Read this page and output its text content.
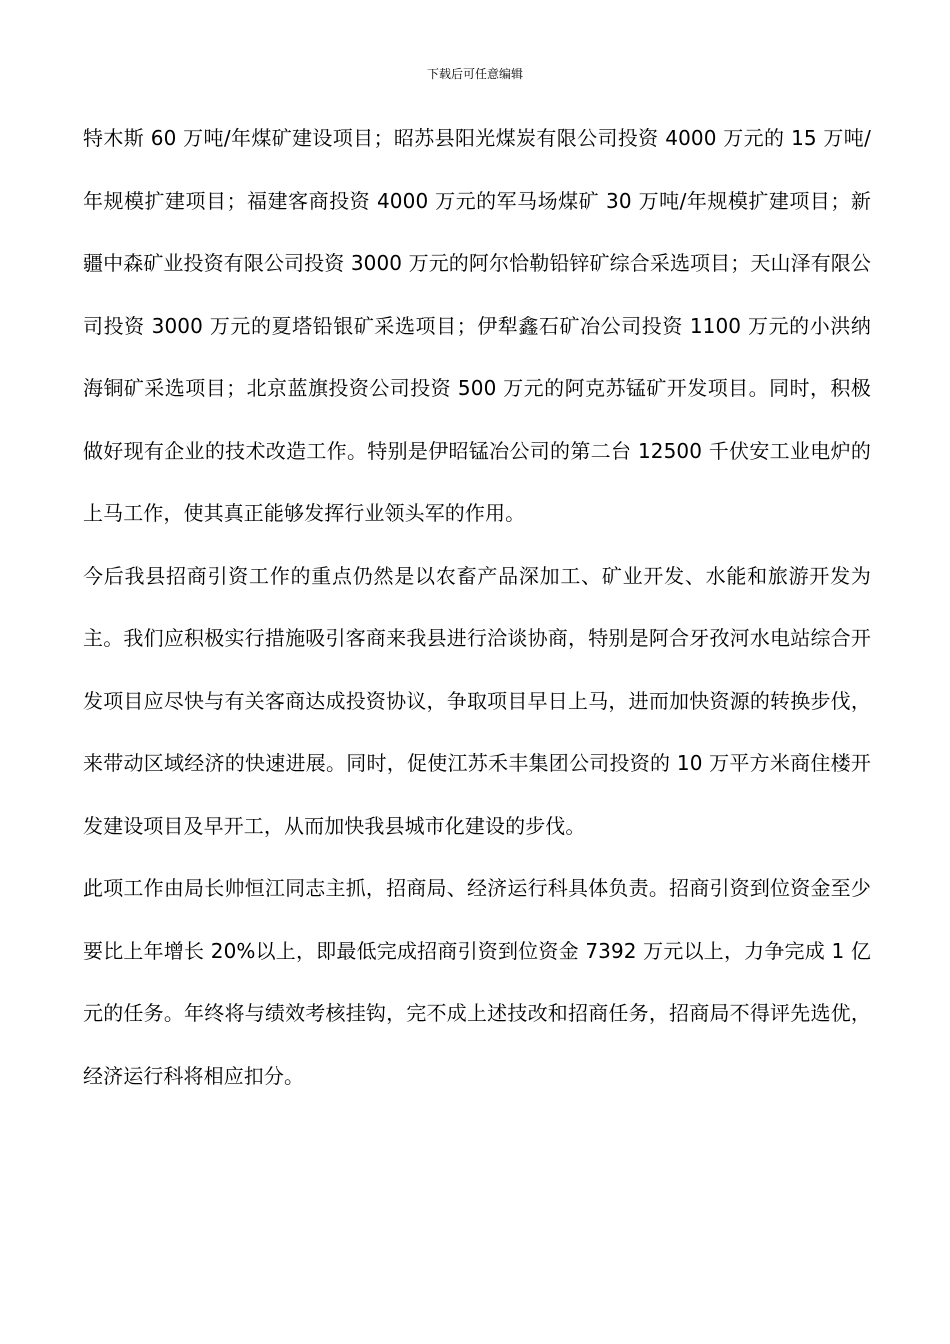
下载后可任意编辑

特木斯 60 万吨/年煤矿建设项目；昭苏县阳光煤炭有限公司投资 4000 万元的 15 万吨/年规模扩建项目；福建客商投资 4000 万元的军马场煤矿 30 万吨/年规模扩建项目；新疆中森矿业投资有限公司投资 3000 万元的阿尔恰勒铅锌矿综合采选项目；天山泽有限公司投资 3000 万元的夏塔铅银矿采选项目；伊犁鑫石矿冶公司投资 1100 万元的小洪纳海铜矿采选项目；北京蓝旗投资公司投资 500 万元的阿克苏锰矿开发项目。同时，积极做好现有企业的技术改造工作。特别是伊昭锰冶公司的第二台 12500 千伏安工业电炉的上马工作，使其真正能够发挥行业领头军的作用。

今后我县招商引资工作的重点仍然是以农畜产品深加工、矿业开发、水能和旅游开发为主。我们应积极实行措施吸引客商来我县进行洽谈协商，特别是阿合牙孜河水电站综合开发项目应尽快与有关客商达成投资协议，争取项目早日上马，进而加快资源的转换步伐，来带动区域经济的快速进展。同时，促使江苏禾丰集团公司投资的 10 万平方米商住楼开发建设项目及早开工，从而加快我县城市化建设的步伐。

此项工作由局长帅恒江同志主抓，招商局、经济运行科具体负责。招商引资到位资金至少要比上年增长 20%以上，即最低完成招商引资到位资金 7392 万元以上，力争完成 1 亿元的任务。年终将与绩效考核挂钩，完不成上述技改和招商任务，招商局不得评先选优，经济运行科将相应扣分。
